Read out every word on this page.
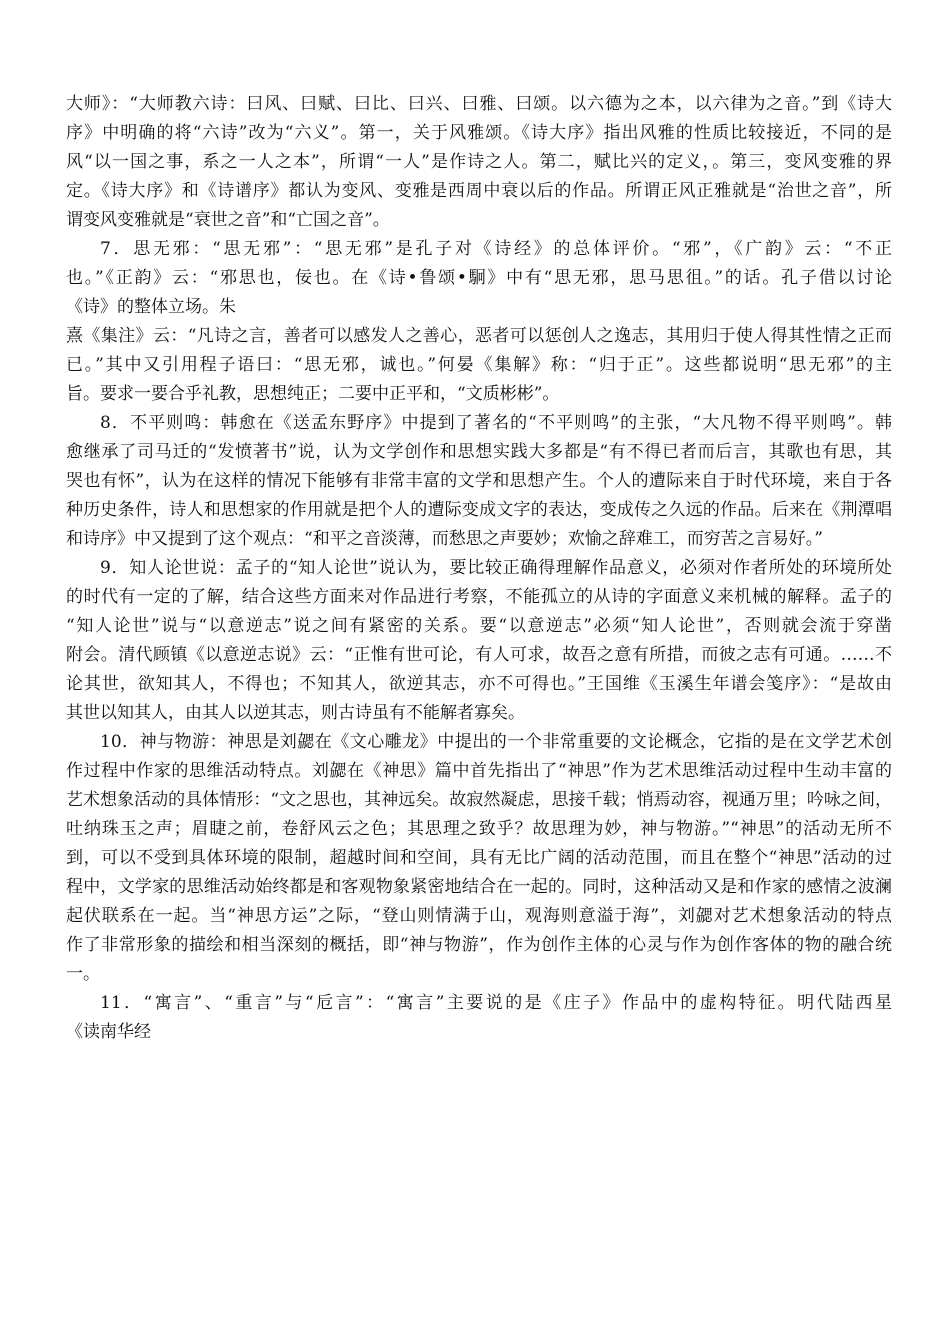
大师》：“大师教六诗：曰风、曰赋、曰比、曰兴、曰雅、曰颂。以六德为之本，以六律为之音。”到《诗大
序》中明确的将“六诗”改为“六义”。第一，关于风雅颂。《诗大序》指出风雅的性质比较接近，不同的是
风“以一国之事，系之一人之本”，所谓“一人”是作诗之人。第二，赋比兴的定义，。第三，变风变雅的界
定。《诗大序》和《诗谱序》都认为变风、变雅是西周中衰以后的作品。所谓正风正雅就是“治世之音”，所
谓变风变雅就是“衰世之音”和“亡国之音”。
7．思无邪：“思无邪”：“思无邪”是孔子对《诗经》的总体评价。“邪”，《广韵》云：“不正
也。”《正韵》云：“邪思也，佞也。在《诗•鲁颂•駉》中有“思无邪，思马思徂。”的话。孔子借以讨论
《诗》的整体立场。朱
熹《集注》云：“凡诗之言，善者可以感发人之善心，恶者可以惩创人之逸志，其用归于使人得其性情之正而
已。”其中又引用程子语曰：“思无邪，诚也。”何晏《集解》称：“归于正”。这些都说明“思无邪”的主
旨。要求一要合乎礼教，思想纯正；二要中正平和，“文质彬彬”。
8．不平则鸣：韩愈在《送孟东野序》中提到了著名的“不平则鸣”的主张，“大凡物不得平则鸣”。韩
愈继承了司马迁的“发愤著书”说，认为文学创作和思想实践大多都是“有不得已者而后言，其歌也有思，其
哭也有怀”，认为在这样的情况下能够有非常丰富的文学和思想产生。个人的遭际来自于时代环境，来自于各
种历史条件，诗人和思想家的作用就是把个人的遭际变成文字的表达，变成传之久远的作品。后来在《荆潭唱
和诗序》中又提到了这个观点：“和平之音淡薄，而愁思之声要妙；欢愉之辞难工，而穷苦之言易好。”
9．知人论世说：孟子的“知人论世”说认为，要比较正确得理解作品意义，必须对作者所处的环境所处
的时代有一定的了解，结合这些方面来对作品进行考察，不能孤立的从诗的字面意义来机械的解释。孟子的
“知人论世”说与“以意逆志”说之间有紧密的关系。要“以意逆志”必须“知人论世”，否则就会流于穿凿
附会。清代顾镇《以意逆志说》云：“正惟有世可论，有人可求，故吾之意有所措，而彼之志有可通。……不
论其世，欲知其人，不得也；不知其人，欲逆其志，亦不可得也。”王国维《玉溪生年谱会笺序》：“是故由
其世以知其人，由其人以逆其志，则古诗虽有不能解者寡矣。
10．神与物游：神思是刘勰在《文心雕龙》中提出的一个非常重要的文论概念，它指的是在文学艺术创
作过程中作家的思维活动特点。刘勰在《神思》篇中首先指出了“神思”作为艺术思维活动过程中生动丰富的
艺术想象活动的具体情形：“文之思也，其神远矣。故寂然凝虑，思接千载；悄焉动容，视通万里；吟咏之间，
吐纳珠玉之声；眉睫之前，卷舒风云之色；其思理之致乎？故思理为妙，神与物游。”“神思”的活动无所不
到，可以不受到具体环境的限制，超越时间和空间，具有无比广阔的活动范围，而且在整个“神思”活动的过
程中，文学家的思维活动始终都是和客观物象紧密地结合在一起的。同时，这种活动又是和作家的感情之波澜
起伏联系在一起。当“神思方运”之际，“登山则情满于山，观海则意溢于海”，刘勰对艺术想象活动的特点
作了非常形象的描绘和相当深刻的概括，即“神与物游”，作为创作主体的心灵与作为创作客体的物的融合统
一。
11．“寓言”、“重言”与“卮言”：“寓言”主要说的是《庄子》作品中的虚构特征。明代陆西星
《读南华经
